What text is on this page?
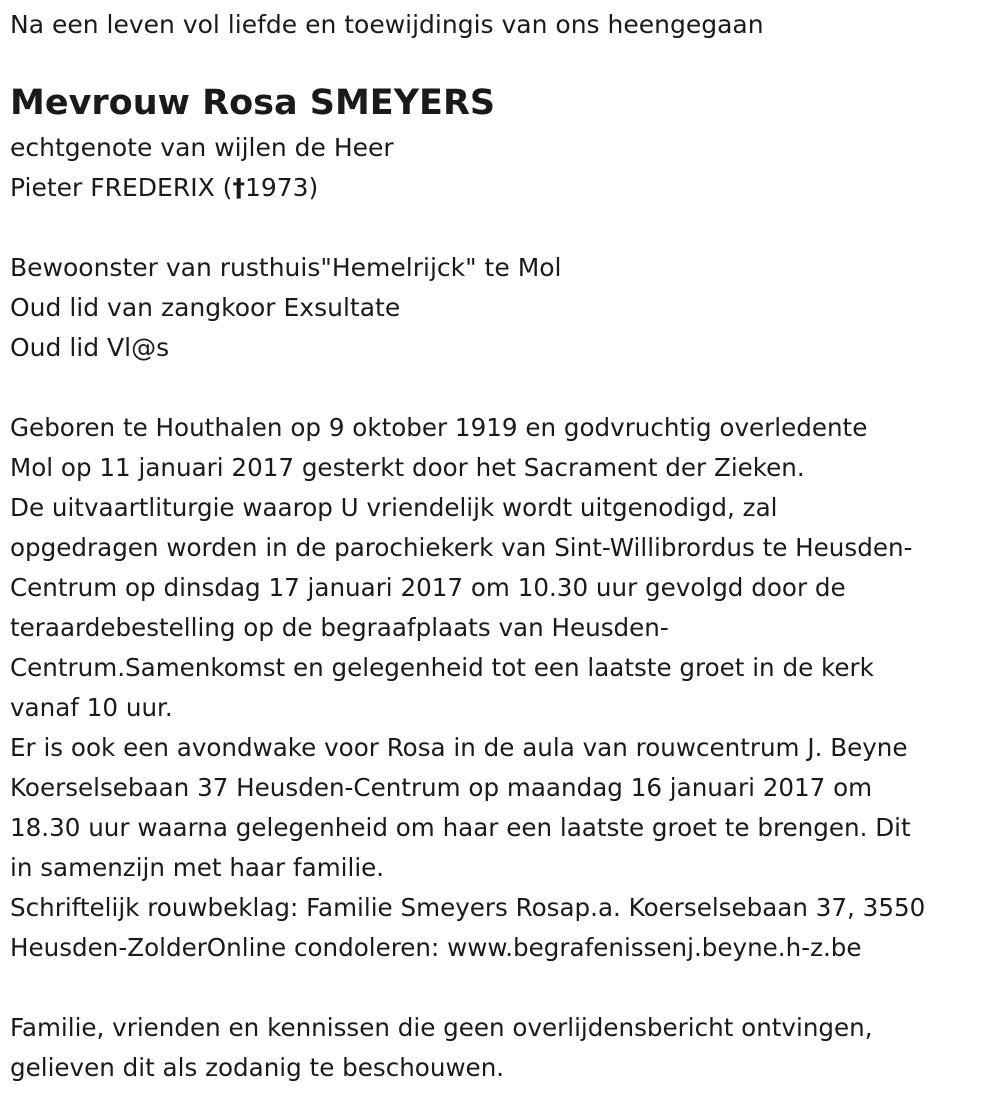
Na een leven vol liefde en toewijdingis van ons heengegaan
Mevrouw Rosa SMEYERS
echtgenote van wijlen de Heer
Pieter FREDERIX (†1973)
Bewoonster van rusthuis"Hemelrijck" te Mol
Oud lid van zangkoor Exsultate
Oud lid Vl@s
Geboren te Houthalen op 9 oktober 1919 en godvruchtig overledente
Mol op 11 januari 2017 gesterkt door het Sacrament der Zieken.
De uitvaartliturgie waarop U vriendelijk wordt uitgenodigd, zal
opgedragen worden in de parochiekerk van Sint-Willibrordus te Heusden-
Centrum op dinsdag 17 januari 2017 om 10.30 uur gevolgd door de
teraardebestelling op de begraafplaats van Heusden-
Centrum.Samenkomst en gelegenheid tot een laatste groet in de kerk
vanaf 10 uur.
Er is ook een avondwake voor Rosa in de aula van rouwcentrum J. Beyne
Koerselsebaan 37 Heusden-Centrum op maandag 16 januari 2017 om
18.30 uur waarna gelegenheid om haar een laatste groet te brengen. Dit
in samenzijn met haar familie.
Schriftelijk rouwbeklag: Familie Smeyers Rosap.a. Koerselsebaan 37, 3550
Heusden-ZolderOnline condoleren: www.begrafenissenj.beyne.h-z.be
Familie, vrienden en kennissen die geen overlijdensbericht ontvingen,
gelieven dit als zodanig te beschouwen.
